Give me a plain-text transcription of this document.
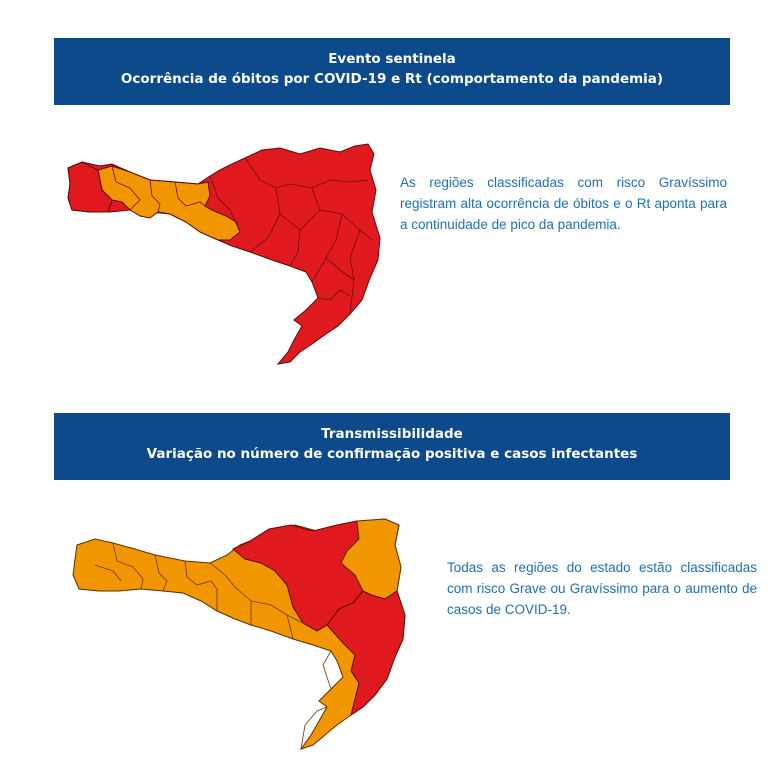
Evento sentinela
Ocorrência de óbitos por COVID-19 e Rt (comportamento da pandemia)
As regiões classificadas com risco Gravíssimo registram alta ocorrência de óbitos e o Rt aponta para a continuidade de pico da pandemia.
Transmissibilidade
Variação no número de confirmação positiva e casos infectantes
Todas as regiões do estado estão classificadas com risco Grave ou Gravíssimo para o aumento de casos de COVID-19.
